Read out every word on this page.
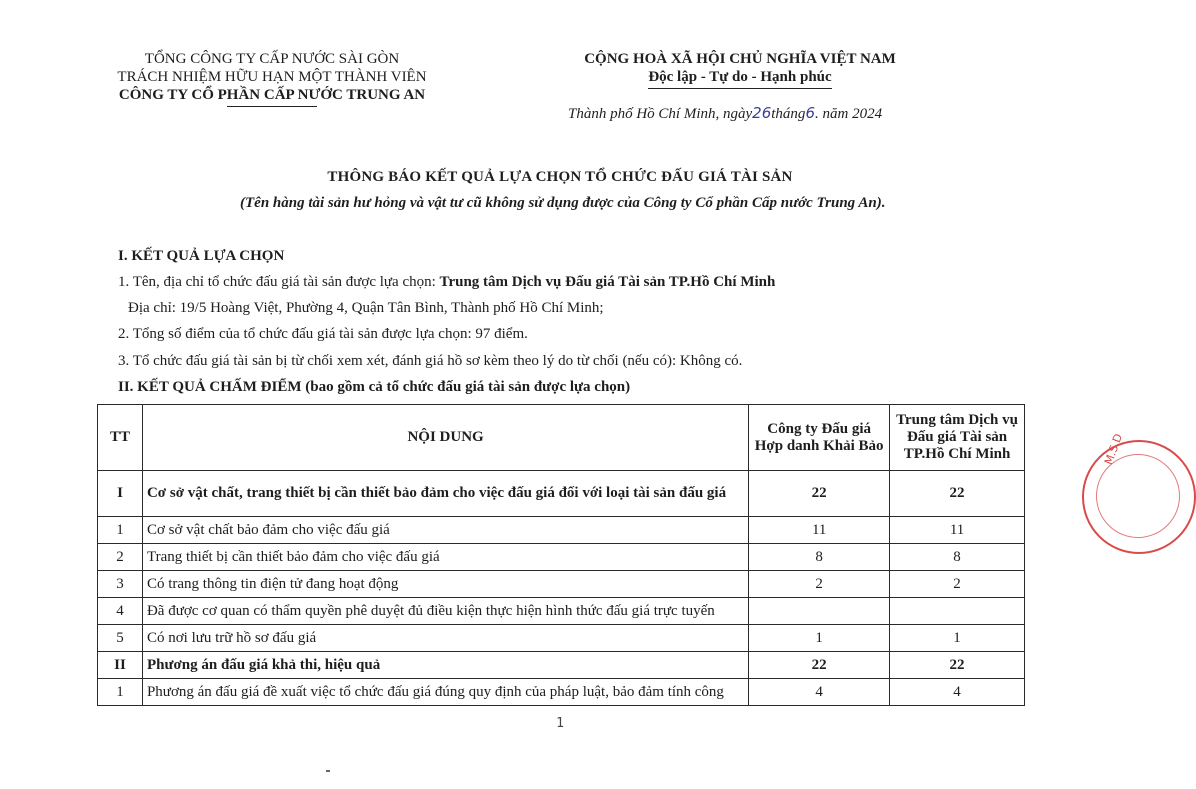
TỔNG CÔNG TY CẤP NƯỚC SÀI GÒN
TRÁCH NHIỆM HỮU HẠN MỘT THÀNH VIÊN
CÔNG TY CỔ PHẦN CẤP NƯỚC TRUNG AN
CỘNG HOÀ XÃ HỘI CHỦ NGHĨA VIỆT NAM
Độc lập - Tự do - Hạnh phúc
Thành phố Hồ Chí Minh, ngày26tháng6. năm 2024
THÔNG BÁO KẾT QUẢ LỰA CHỌN TỔ CHỨC ĐẤU GIÁ TÀI SẢN
(Tên hàng tài sản hư hỏng và vật tư cũ không sử dụng được của Công ty Cổ phần Cấp nước Trung An).
I. KẾT QUẢ LỰA CHỌN
1. Tên, địa chỉ tổ chức đấu giá tài sản được lựa chọn: Trung tâm Dịch vụ Đấu giá Tài sản TP.Hồ Chí Minh
Địa chỉ: 19/5 Hoàng Việt, Phường 4, Quận Tân Bình, Thành phố Hồ Chí Minh;
2. Tổng số điểm của tổ chức đấu giá tài sản được lựa chọn: 97 điểm.
3. Tổ chức đấu giá tài sản bị từ chối xem xét, đánh giá hồ sơ kèm theo lý do từ chối (nếu có): Không có.
II. KẾT QUẢ CHẤM ĐIỂM (bao gồm cả tổ chức đấu giá tài sản được lựa chọn)
TT	NỘI DUNG	Công ty Đấu giá Hợp danh Khải Bảo	Trung tâm Dịch vụ Đấu giá Tài sản TP.Hồ Chí Minh
I	Cơ sở vật chất, trang thiết bị cần thiết bảo đảm cho việc đấu giá đối với loại tài sản đấu giá	22	22
1	Cơ sở vật chất bảo đảm cho việc đấu giá	11	11
2	Trang thiết bị cần thiết bảo đảm cho việc đấu giá	8	8
3	Có trang thông tin điện tử đang hoạt động	2	2
4	Đã được cơ quan có thẩm quyền phê duyệt đủ điều kiện thực hiện hình thức đấu giá trực tuyến		
5	Có nơi lưu trữ hồ sơ đấu giá	1	1
II	Phương án đấu giá khả thi, hiệu quả	22	22
1	Phương án đấu giá đề xuất việc tổ chức đấu giá đúng quy định của pháp luật, bảo đảm tính công	4	4
1
M.S.D
